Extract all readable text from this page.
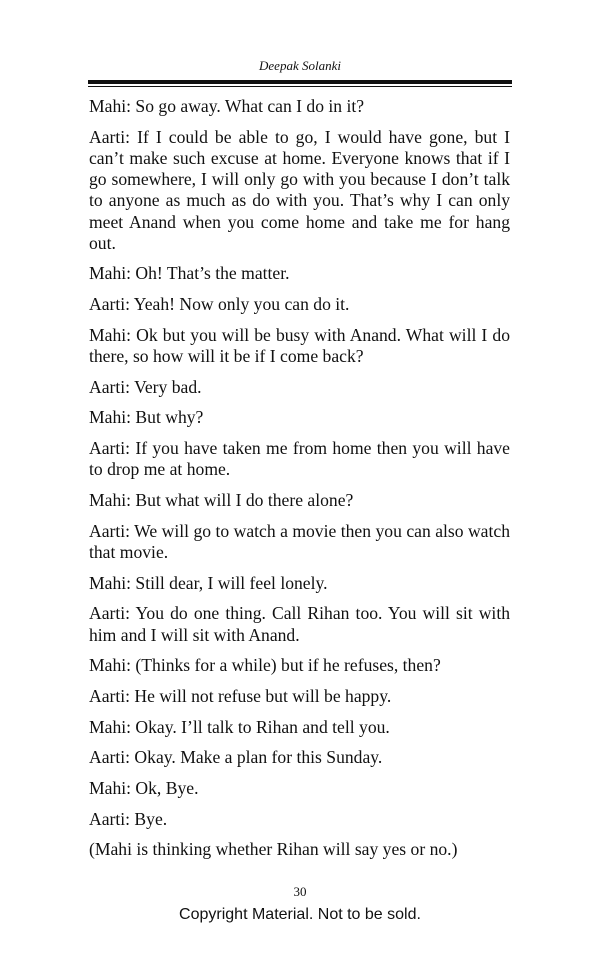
Deepak Solanki

Mahi: So go away. What can I do in it?

Aarti: If I could be able to go, I would have gone, but I can’t make such excuse at home. Everyone knows that if I go somewhere, I will only go with you because I don’t talk to anyone as much as do with you. That’s why I can only meet Anand when you come home and take me for hang out.

Mahi: Oh! That’s the matter.

Aarti: Yeah! Now only you can do it.

Mahi: Ok but you will be busy with Anand. What will I do there, so how will it be if I come back?

Aarti: Very bad.

Mahi: But why?

Aarti: If you have taken me from home then you will have to drop me at home.

Mahi: But what will I do there alone?

Aarti: We will go to watch a movie then you can also watch that movie.

Mahi: Still dear, I will feel lonely.

Aarti: You do one thing. Call Rihan too. You will sit with him and I will sit with Anand.

Mahi: (Thinks for a while) but if he refuses, then?

Aarti: He will not refuse but will be happy.

Mahi: Okay. I’ll talk to Rihan and tell you.

Aarti: Okay. Make a plan for this Sunday.

Mahi: Ok, Bye.

Aarti: Bye.

(Mahi is thinking whether Rihan will say yes or no.)

30
Copyright Material. Not to be sold.
